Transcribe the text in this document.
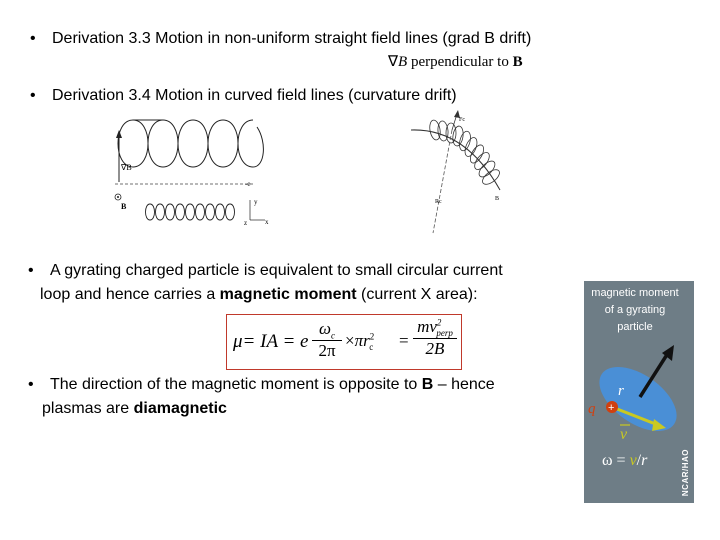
• Derivation 3.3 Motion in non-uniform straight field lines (grad B drift)
∇B perpendicular to B
• Derivation 3.4 Motion in curved field lines (curvature drift)
∇B
B
-e
y
x
z
Fc
Rc	B
• A gyrating charged particle is equivalent to small circular current
loop and hence carries a magnetic moment (current X area):
μ= IA = e
$\omega_c$
2π
$\times\pi r^2_c$ =
$mv^2_{perp}$
2B
• The direction of the magnetic moment is opposite to B – hence
plasmas are diamagnetic
magnetic moment
of a gyrating
particle
r
q +
v
ω = v/r	NCAR/HAO
